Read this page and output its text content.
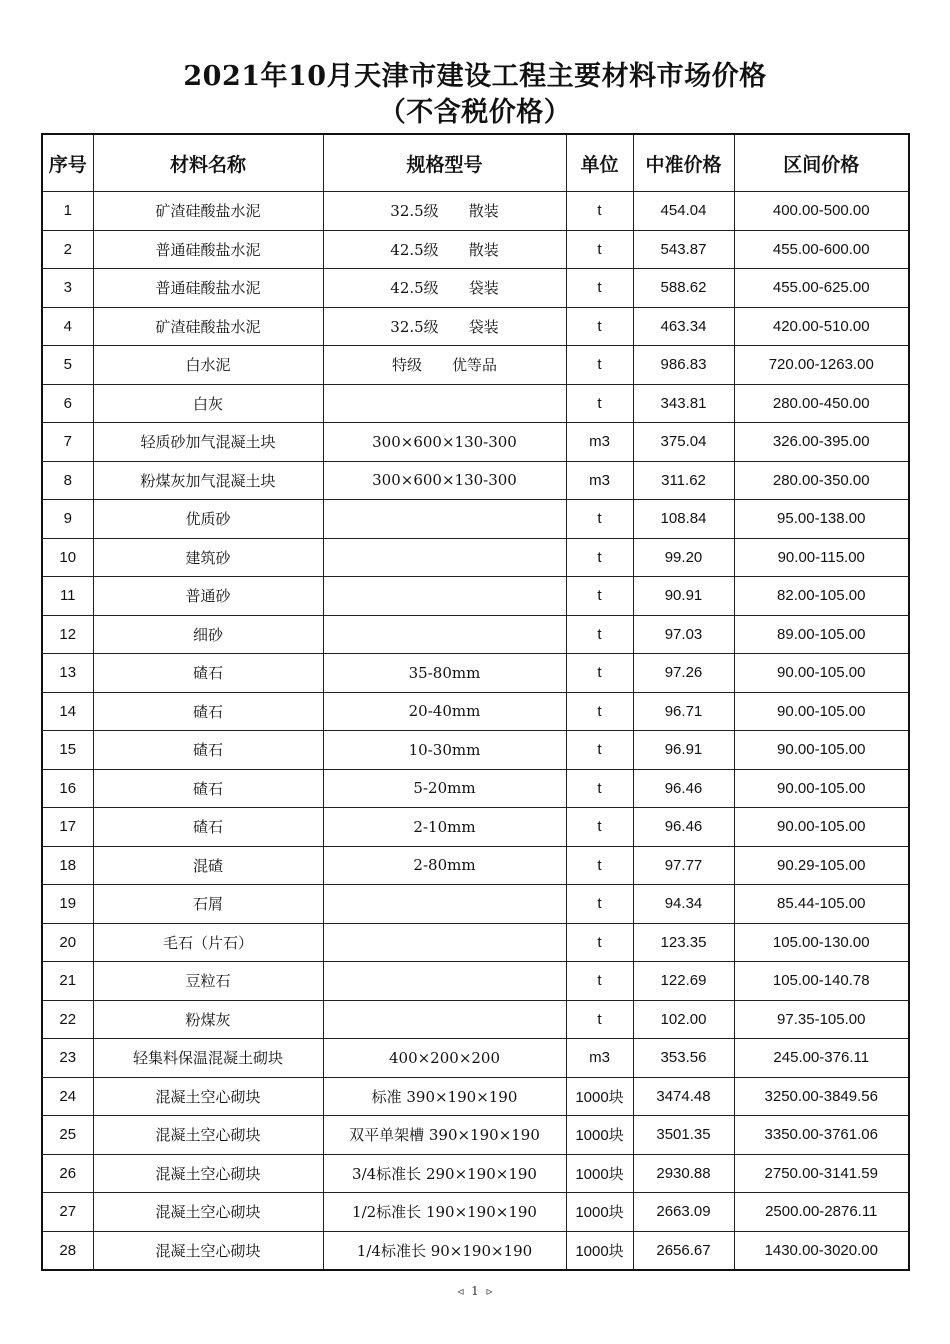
2021年10月天津市建设工程主要材料市场价格
（不含税价格）
序号	材料名称	规格型号	单位	中准价格	区间价格
1	矿渣硅酸盐水泥	32.5级 散装	t	454.04	400.00-500.00
2	普通硅酸盐水泥	42.5级 散装	t	543.87	455.00-600.00
3	普通硅酸盐水泥	42.5级 袋装	t	588.62	455.00-625.00
4	矿渣硅酸盐水泥	32.5级 袋装	t	463.34	420.00-510.00
5	白水泥	特级 优等品	t	986.83	720.00-1263.00
6	白灰		t	343.81	280.00-450.00
7	轻质砂加气混凝土块	300×600×130-300	m3	375.04	326.00-395.00
8	粉煤灰加气混凝土块	300×600×130-300	m3	311.62	280.00-350.00
9	优质砂		t	108.84	95.00-138.00
10	建筑砂		t	99.20	90.00-115.00
11	普通砂		t	90.91	82.00-105.00
12	细砂		t	97.03	89.00-105.00
13	碴石	35-80mm	t	97.26	90.00-105.00
14	碴石	20-40mm	t	96.71	90.00-105.00
15	碴石	10-30mm	t	96.91	90.00-105.00
16	碴石	5-20mm	t	96.46	90.00-105.00
17	碴石	2-10mm	t	96.46	90.00-105.00
18	混碴	2-80mm	t	97.77	90.29-105.00
19	石屑		t	94.34	85.44-105.00
20	毛石（片石）		t	123.35	105.00-130.00
21	豆粒石		t	122.69	105.00-140.78
22	粉煤灰		t	102.00	97.35-105.00
23	轻集料保温混凝土砌块	400×200×200	m3	353.56	245.00-376.11
24	混凝土空心砌块	标准 390×190×190	1000块	3474.48	3250.00-3849.56
25	混凝土空心砌块	双平单架槽 390×190×190	1000块	3501.35	3350.00-3761.06
26	混凝土空心砌块	3/4标准长 290×190×190	1000块	2930.88	2750.00-3141.59
27	混凝土空心砌块	1/2标准长 190×190×190	1000块	2663.09	2500.00-2876.11
28	混凝土空心砌块	1/4标准长 90×190×190	1000块	2656.67	1430.00-3020.00
◃ 1 ▹
